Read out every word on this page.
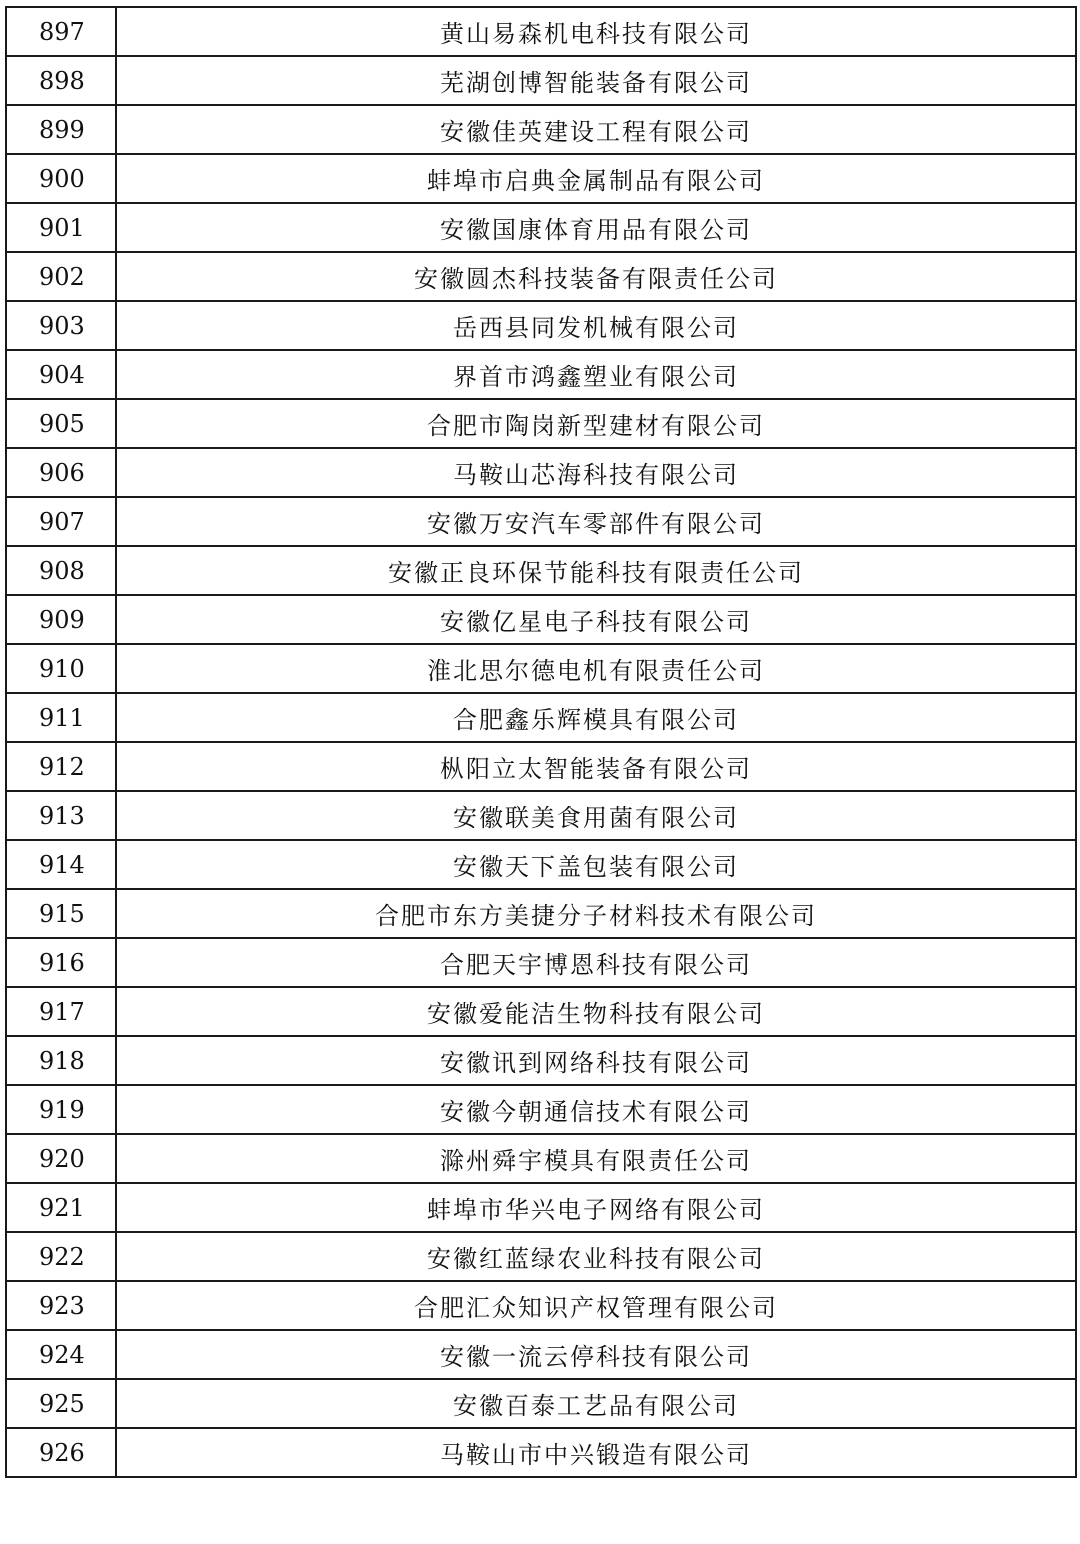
897	黄山易森机电科技有限公司
898	芜湖创博智能装备有限公司
899	安徽佳英建设工程有限公司
900	蚌埠市启典金属制品有限公司
901	安徽国康体育用品有限公司
902	安徽圆杰科技装备有限责任公司
903	岳西县同发机械有限公司
904	界首市鸿鑫塑业有限公司
905	合肥市陶岗新型建材有限公司
906	马鞍山芯海科技有限公司
907	安徽万安汽车零部件有限公司
908	安徽正良环保节能科技有限责任公司
909	安徽亿星电子科技有限公司
910	淮北思尔德电机有限责任公司
911	合肥鑫乐辉模具有限公司
912	枞阳立太智能装备有限公司
913	安徽联美食用菌有限公司
914	安徽天下盖包装有限公司
915	合肥市东方美捷分子材料技术有限公司
916	合肥天宇博恩科技有限公司
917	安徽爱能洁生物科技有限公司
918	安徽讯到网络科技有限公司
919	安徽今朝通信技术有限公司
920	滁州舜宇模具有限责任公司
921	蚌埠市华兴电子网络有限公司
922	安徽红蓝绿农业科技有限公司
923	合肥汇众知识产权管理有限公司
924	安徽一流云停科技有限公司
925	安徽百泰工艺品有限公司
926	马鞍山市中兴锻造有限公司
